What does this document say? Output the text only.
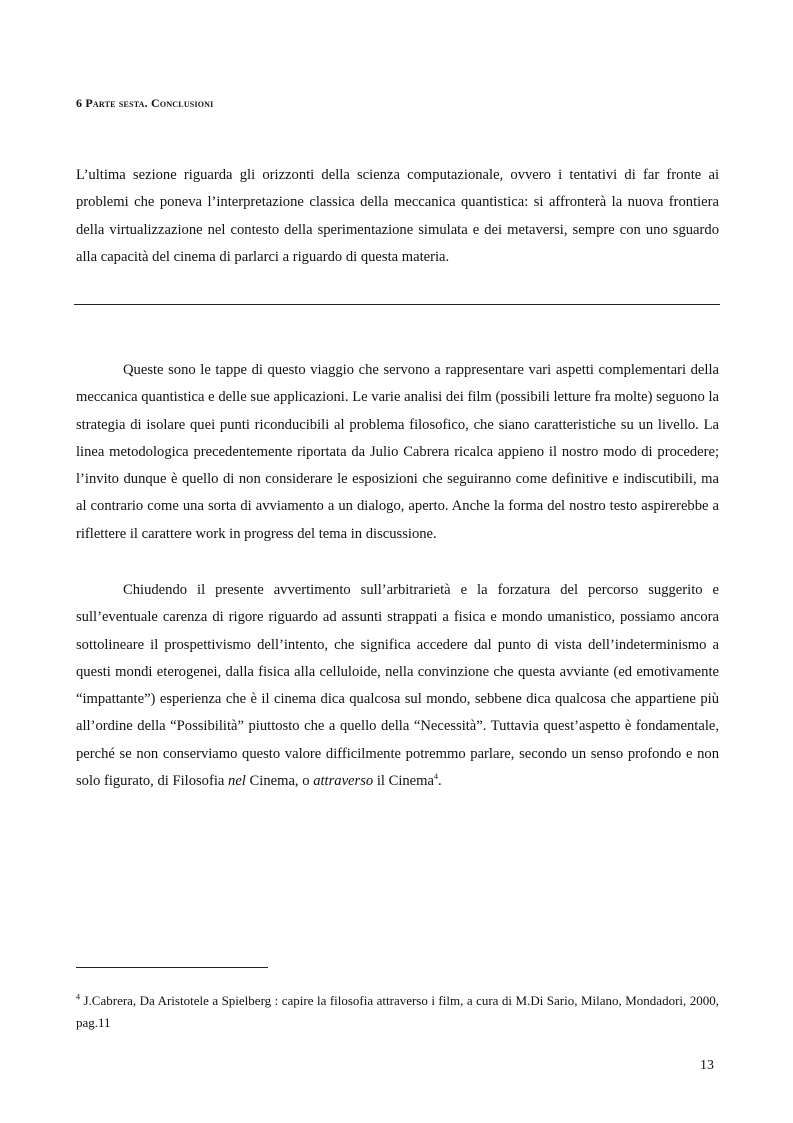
6 Parte sesta. Conclusioni

L’ultima sezione riguarda gli orizzonti della scienza computazionale, ovvero i tentativi di far fronte ai problemi che poneva l’interpretazione classica della meccanica quantistica: si affronterà la nuova frontiera della virtualizzazione nel contesto della sperimentazione simulata e dei metaversi, sempre con uno sguardo alla capacità del cinema di parlarci a riguardo di questa materia.

Queste sono le tappe di questo viaggio che servono a rappresentare vari aspetti complementari della meccanica quantistica e delle sue applicazioni. Le varie analisi dei film (possibili letture fra molte) seguono la strategia di isolare quei punti riconducibili al problema filosofico, che siano caratteristiche su un livello. La linea metodologica precedentemente riportata da Julio Cabrera ricalca appieno il nostro modo di procedere; l’invito dunque è quello di non considerare le esposizioni che seguiranno come definitive e indiscutibili, ma al contrario come una sorta di avviamento a un dialogo, aperto. Anche la forma del nostro testo aspirerebbe a riflettere il carattere work in progress del tema in discussione.

Chiudendo il presente avvertimento sull’arbitrarietà e la forzatura del percorso suggerito e sull’eventuale carenza di rigore riguardo ad assunti strappati a fisica e mondo umanistico, possiamo ancora sottolineare il prospettivismo dell’intento, che significa accedere dal punto di vista dell’indeterminismo a questi mondi eterogenei, dalla fisica alla celluloide, nella convinzione che questa avviante (ed emotivamente “impattante”) esperienza che è il cinema dica qualcosa sul mondo, sebbene dica qualcosa che appartiene più all’ordine della “Possibilità” piuttosto che a quello della “Necessità”. Tuttavia quest’aspetto è fondamentale, perché se non conserviamo questo valore difficilmente potremmo parlare, secondo un senso profondo e non solo figurato, di Filosofia nel Cinema, o attraverso il Cinema$^4$.

$^4$ J.Cabrera, Da Aristotele a Spielberg : capire la filosofia attraverso i film, a cura di M.Di Sario, Milano, Mondadori, 2000, pag.11

13
